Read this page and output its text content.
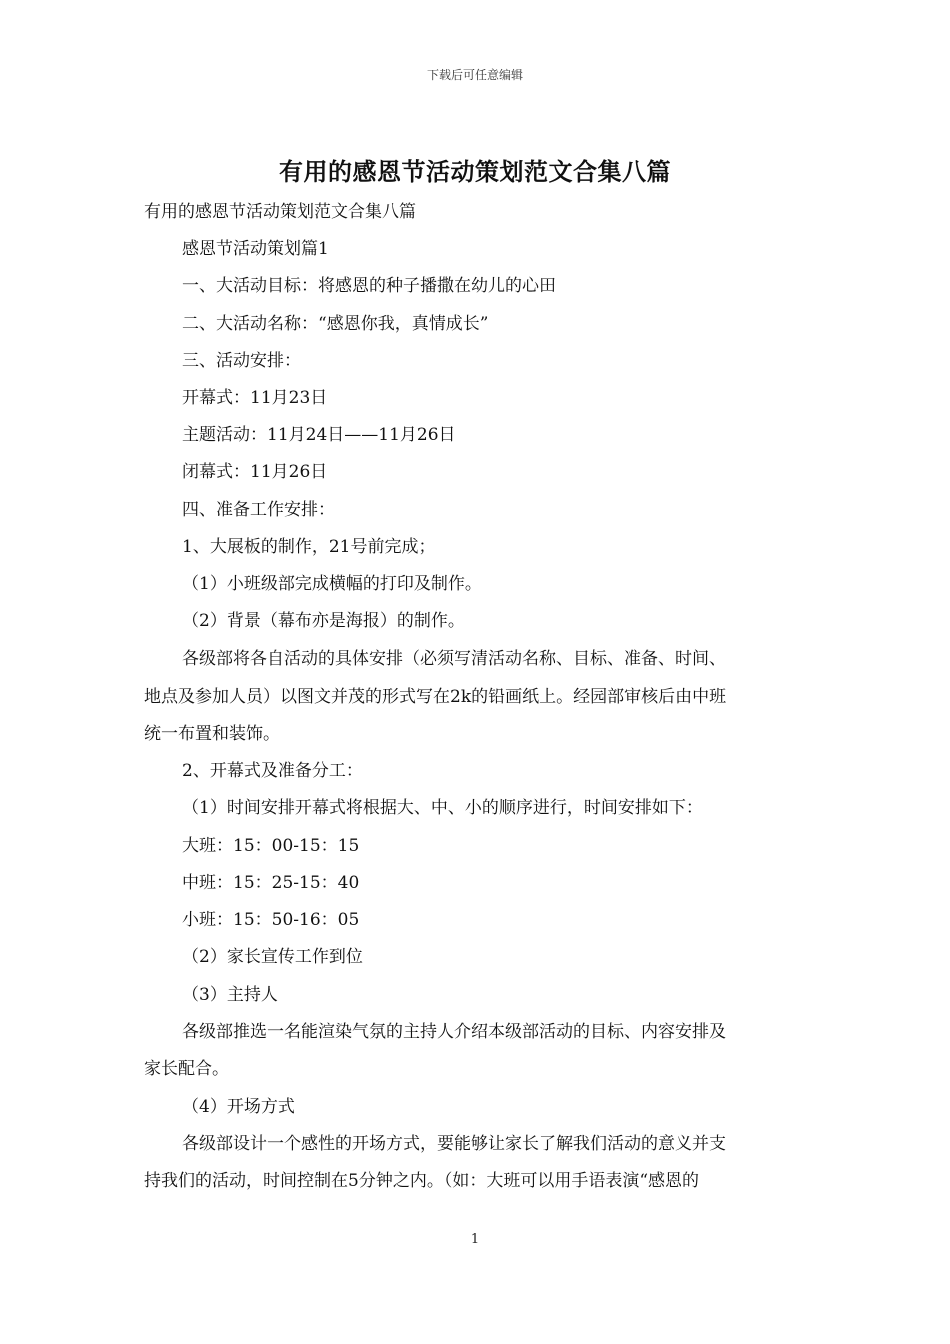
下载后可任意编辑
有用的感恩节活动策划范文合集八篇
有用的感恩节活动策划范文合集八篇
感恩节活动策划篇1
一、大活动目标：将感恩的种子播撒在幼儿的心田
二、大活动名称：“感恩你我，真情成长”
三、活动安排：
开幕式：11月23日
主题活动：11月24日——11月26日
闭幕式：11月26日
四、准备工作安排：
1、大展板的制作，21号前完成；
（1）小班级部完成横幅的打印及制作。
（2）背景（幕布亦是海报）的制作。
各级部将各自活动的具体安排（必须写清活动名称、目标、准备、时间、
地点及参加人员）以图文并茂的形式写在2k的铅画纸上。经园部审核后由中班
统一布置和装饰。
2、开幕式及准备分工：
（1）时间安排开幕式将根据大、中、小的顺序进行，时间安排如下：
大班：15：00-15：15
中班：15：25-15：40
小班：15：50-16：05
（2）家长宣传工作到位
（3）主持人
各级部推选一名能渲染气氛的主持人介绍本级部活动的目标、内容安排及
家长配合。
（4）开场方式
各级部设计一个感性的开场方式，要能够让家长了解我们活动的意义并支
持我们的活动，时间控制在5分钟之内。（如：大班可以用手语表演“感恩的
1
